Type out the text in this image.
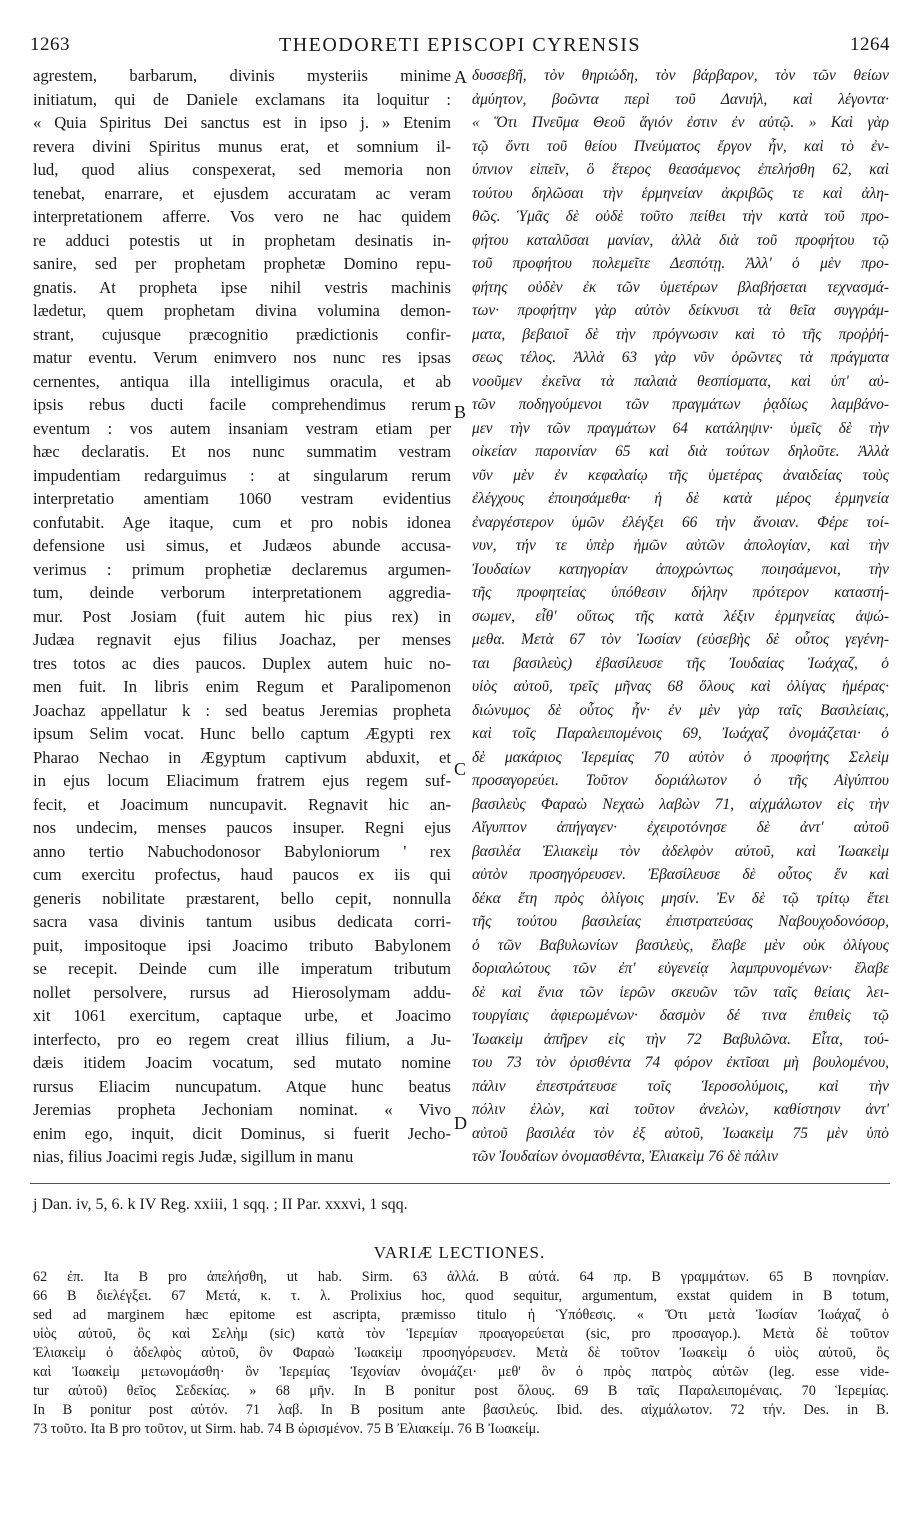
1263	THEODORETI EPISCOPI CYRENSIS	1264
agrestem, barbarum, divinis mysteriis minime
initiatum, qui de Daniele exclamans ita loquitur :
« Quia Spiritus Dei sanctus est in ipso j. » Etenim
revera divini Spiritus munus erat, et somnium il-
lud, quod alius conspexerat, sed memoria non
tenebat, enarrare, et ejusdem accuratam ac veram
interpretationem afferre. Vos vero ne hac quidem
re adduci potestis ut in prophetam desinatis in-
sanire, sed per prophetam prophetæ Domino repu-
gnatis. At propheta ipse nihil vestris machinis
lædetur, quem prophetam divina volumina demon-
strant, cujusque præcognitio prædictionis confir-
matur eventu. Verum enimvero nos nunc res ipsas
cernentes, antiqua illa intelligimus oracula, et ab
ipsis rebus ducti facile comprehendimus rerum
eventum : vos autem insaniam vestram etiam per
hæc declaratis. Et nos nunc summatim vestram
impudentiam redarguimus : at singularum rerum
interpretatio amentiam 1060 vestram evidentius
confutabit. Age itaque, cum et pro nobis idonea
defensione usi simus, et Judæos abunde accusa-
verimus : primum prophetiæ declaremus argumen-
tum, deinde verborum interpretationem aggredia-
mur. Post Josiam (fuit autem hic pius rex) in
Judæa regnavit ejus filius Joachaz, per menses
tres totos ac dies paucos. Duplex autem huic no-
men fuit. In libris enim Regum et Paralipomenon
Joachaz appellatur k : sed beatus Jeremias propheta
ipsum Selim vocat. Hunc bello captum Ægypti rex
Pharao Nechao in Ægyptum captivum abduxit, et
in ejus locum Eliacimum fratrem ejus regem suf-
fecit, et Joacimum nuncupavit. Regnavit hic an-
nos undecim, menses paucos insuper. Regni ejus
anno tertio Nabuchodonosor Babyloniorum ' rex
cum exercitu profectus, haud paucos ex iis qui
generis nobilitate præstarent, bello cepit, nonnulla
sacra vasa divinis tantum usibus dedicata corri-
puit, impositoque ipsi Joacimo tributo Babylonem
se recepit. Deinde cum ille imperatum tributum
nollet persolvere, rursus ad Hierosolymam addu-
xit 1061 exercitum, captaque urbe, et Joacimo
interfecto, pro eo regem creat illius filium, a Ju-
dæis itidem Joacim vocatum, sed mutato nomine
rursus Eliacim nuncupatum. Atque hunc beatus
Jeremias propheta Jechoniam nominat. « Vivo
enim ego, inquit, dicit Dominus, si fuerit Jecho-
nias, filius Joacimi regis Judæ, sigillum in manu
δυσσεβῆ, τὸν θηριώδη, τὸν βάρβαρον, τὸν τῶν θείων
ἀμύητον, βοῶντα περὶ τοῦ Δανιήλ, καὶ λέγοντα·
« Ὅτι Πνεῦμα Θεοῦ ἅγιόν ἐστιν ἐν αὐτῷ. » Καὶ γὰρ
τῷ ὄντι τοῦ θείου Πνεύματος ἔργον ἦν, καὶ τὸ ἐν-
ύπνιον εἰπεῖν, ὃ ἕτερος θεασάμενος ἐπελήσθη 62, καὶ
τούτου δηλῶσαι τὴν ἑρμηνείαν ἀκριβῶς τε καὶ ἀλη-
θῶς. Ὑμᾶς δὲ οὐδὲ τοῦτο πείθει τὴν κατὰ τοῦ προ-
φήτου καταλῦσαι μανίαν, ἀλλὰ διὰ τοῦ προφήτου τῷ
τοῦ προφήτου πολεμεῖτε Δεσπότῃ. Ἀλλ' ὁ μὲν προ-
φήτης οὐδὲν ἐκ τῶν ὑμετέρων βλαβήσεται τεχνασμά-
των· προφήτην γὰρ αὐτὸν δείκνυσι τὰ θεῖα συγγράμ-
ματα, βεβαιοῖ δὲ τὴν πρόγνωσιν καὶ τὸ τῆς προῤῥή-
σεως τέλος. Ἀλλὰ 63 γὰρ νῦν ὁρῶντες τὰ πράγματα
νοοῦμεν ἐκεῖνα τὰ παλαιὰ θεσπίσματα, καὶ ὑπ' αὐ-
τῶν ποδηγούμενοι τῶν πραγμάτων ῥᾳδίως λαμβάνο-
μεν τὴν τῶν πραγμάτων 64 κατάληψιν· ὑμεῖς δὲ τὴν
οἰκείαν παροινίαν 65 καὶ διὰ τούτων δηλοῦτε. Ἀλλὰ
νῦν μὲν ἐν κεφαλαίῳ τῆς ὑμετέρας ἀναιδείας τοὺς
ἐλέγχους ἐποιησάμεθα· ἡ δὲ κατὰ μέρος ἑρμηνεία
ἐναργέστερον ὑμῶν ἐλέγξει 66 τὴν ἄνοιαν. Φέρε τοί-
νυν, τήν τε ὑπὲρ ἡμῶν αὐτῶν ἀπολογίαν, καὶ τὴν
Ἰουδαίων κατηγορίαν ἀποχρώντως ποιησάμενοι, τὴν
τῆς προφητείας ὑπόθεσιν δήλην πρότερον καταστή-
σωμεν, εἶθ' οὕτως τῆς κατὰ λέξιν ἑρμηνείας ἁψώ-
μεθα. Μετὰ 67 τὸν Ἰωσίαν (εὐσεβὴς δὲ οὗτος γεγένη-
ται βασιλεὺς) ἐβασίλευσε τῆς Ἰουδαίας Ἰωάχαζ, ὁ
υἱὸς αὐτοῦ, τρεῖς μῆνας 68 ὅλους καὶ ὀλίγας ἡμέρας·
διώνυμος δὲ οὗτος ἦν· ἐν μὲν γὰρ ταῖς Βασιλείαις,
καὶ τοῖς Παραλειπομένοις 69, Ἰωάχαζ ὀνομάζεται· ὁ
δὲ μακάριος Ἱερεμίας 70 αὐτὸν ὁ προφήτης Σελεὶμ
προσαγορεύει. Τοῦτον δοριάλωτον ὁ τῆς Αἰγύπτου
βασιλεὺς Φαραὼ Νεχαὼ λαβὼν 71, αἰχμάλωτον εἰς τὴν
Αἴγυπτον ἀπήγαγεν· ἐχειροτόνησε δὲ ἀντ' αὐτοῦ
βασιλέα Ἐλιακεὶμ τὸν ἀδελφὸν αὐτοῦ, καὶ Ἰωακεὶμ
αὐτὸν προσηγόρευσεν. Ἐβασίλευσε δὲ οὗτος ἕν καὶ
δέκα ἔτη πρὸς ὀλίγοις μησίν. Ἐν δὲ τῷ τρίτῳ ἔτει
τῆς τούτου βασιλείας ἐπιστρατεύσας Ναβουχοδονόσορ,
ὁ τῶν Βαβυλωνίων βασιλεὺς, ἔλαβε μὲν οὐκ ὀλίγους
δοριαλώτους τῶν ἐπ' εὐγενείᾳ λαμπρυνομένων· ἔλαβε
δὲ καὶ ἔνια τῶν ἱερῶν σκευῶν τῶν ταῖς θείαις λει-
τουργίαις ἀφιερωμένων· δασμὸν δέ τινα ἐπιθεὶς τῷ
Ἰωακεὶμ ἀπῆρεν εἰς τὴν 72 Βαβυλῶνα. Εἶτα, τού-
του 73 τὸν ὁρισθέντα 74 φόρον ἐκτῖσαι μὴ βουλομένου,
πάλιν ἐπεστράτευσε τοῖς Ἱεροσολύμοις, καὶ τὴν
πόλιν ἑλὼν, καὶ τοῦτον ἀνελὼν, καθίστησιν ἀντ'
αὐτοῦ βασιλέα τὸν ἐξ αὐτοῦ, Ἰωακεὶμ 75 μὲν ὑπὸ
τῶν Ἰουδαίων ὀνομασθέντα, Ἐλιακεὶμ 76 δὲ πάλιν
A
B
C
D
j Dan. iv, 5, 6. k IV Reg. xxiii, 1 sqq. ; II Par. xxxvi, 1 sqq.
VARIÆ LECTIONES.
62 ἐπ. Ita B pro ἀπελήσθη, ut hab. Sirm. 63 ἀλλά. B αὐτά. 64 πρ. B γραμμάτων. 65 B πονηρίαν.
66 B διελέγξει. 67 Μετά, κ. τ. λ. Prolixius hoc, quod sequitur, argumentum, exstat quidem in B totum,
sed ad marginem hæc epitome est ascripta, præmisso titulo ἡ Ὑπόθεσις. « Ὅτι μετὰ Ἰωσίαν Ἰωάχαζ ὁ
υἱὸς αὐτοῦ, ὃς καὶ Σελὴμ (sic) κατὰ τὸν Ἱερεμίαν προαγορεύεται (sic, pro προσαγορ.). Μετὰ δὲ τοῦτον
Ἐλιακεὶμ ὁ ἀδελφὸς αὐτοῦ, ὃν Φαραὼ Ἰωακεὶμ προσηγόρευσεν. Μετὰ δὲ τοῦτον Ἰωακεὶμ ὁ υἱὸς αὐτοῦ, ὃς
καὶ Ἰωακεὶμ μετωνομάσθη· ὃν Ἱερεμίας Ἰεχονίαν ὀνομάζει· μεθ' ὃν ὁ πρὸς πατρὸς αὐτῶν (leg. esse vide-
tur αὐτοῦ) θεῖος Σεδεκίας. » 68 μῆν. In B ponitur post ὅλους. 69 B ταῖς Παραλειπομέναις. 70 Ἱερεμίας.
In B ponitur post αὐτόν. 71 λαβ. In B positum ante βασιλεύς. Ibid. des. αἰχμάλωτον. 72 τήν. Des. in B.
73 τοῦτο. Ita B pro τοῦτον, ut Sirm. hab. 74 B ὡρισμένον. 75 B Ἐλιακείμ. 76 B Ἰωακείμ.
